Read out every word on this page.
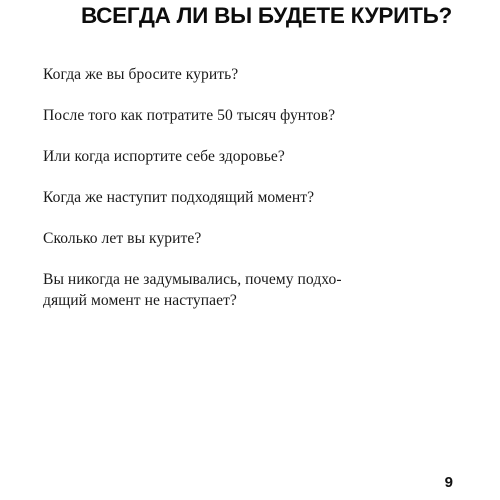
ВСЕГДА ЛИ ВЫ БУДЕТЕ КУРИТЬ?
Когда же вы бросите курить?
После того как потратите 50 тысяч фунтов?
Или когда испортите себе здоровье?
Когда же наступит подходящий момент?
Сколько лет вы курите?
Вы никогда не задумывались, почему подхо-
дящий момент не наступает?
9
